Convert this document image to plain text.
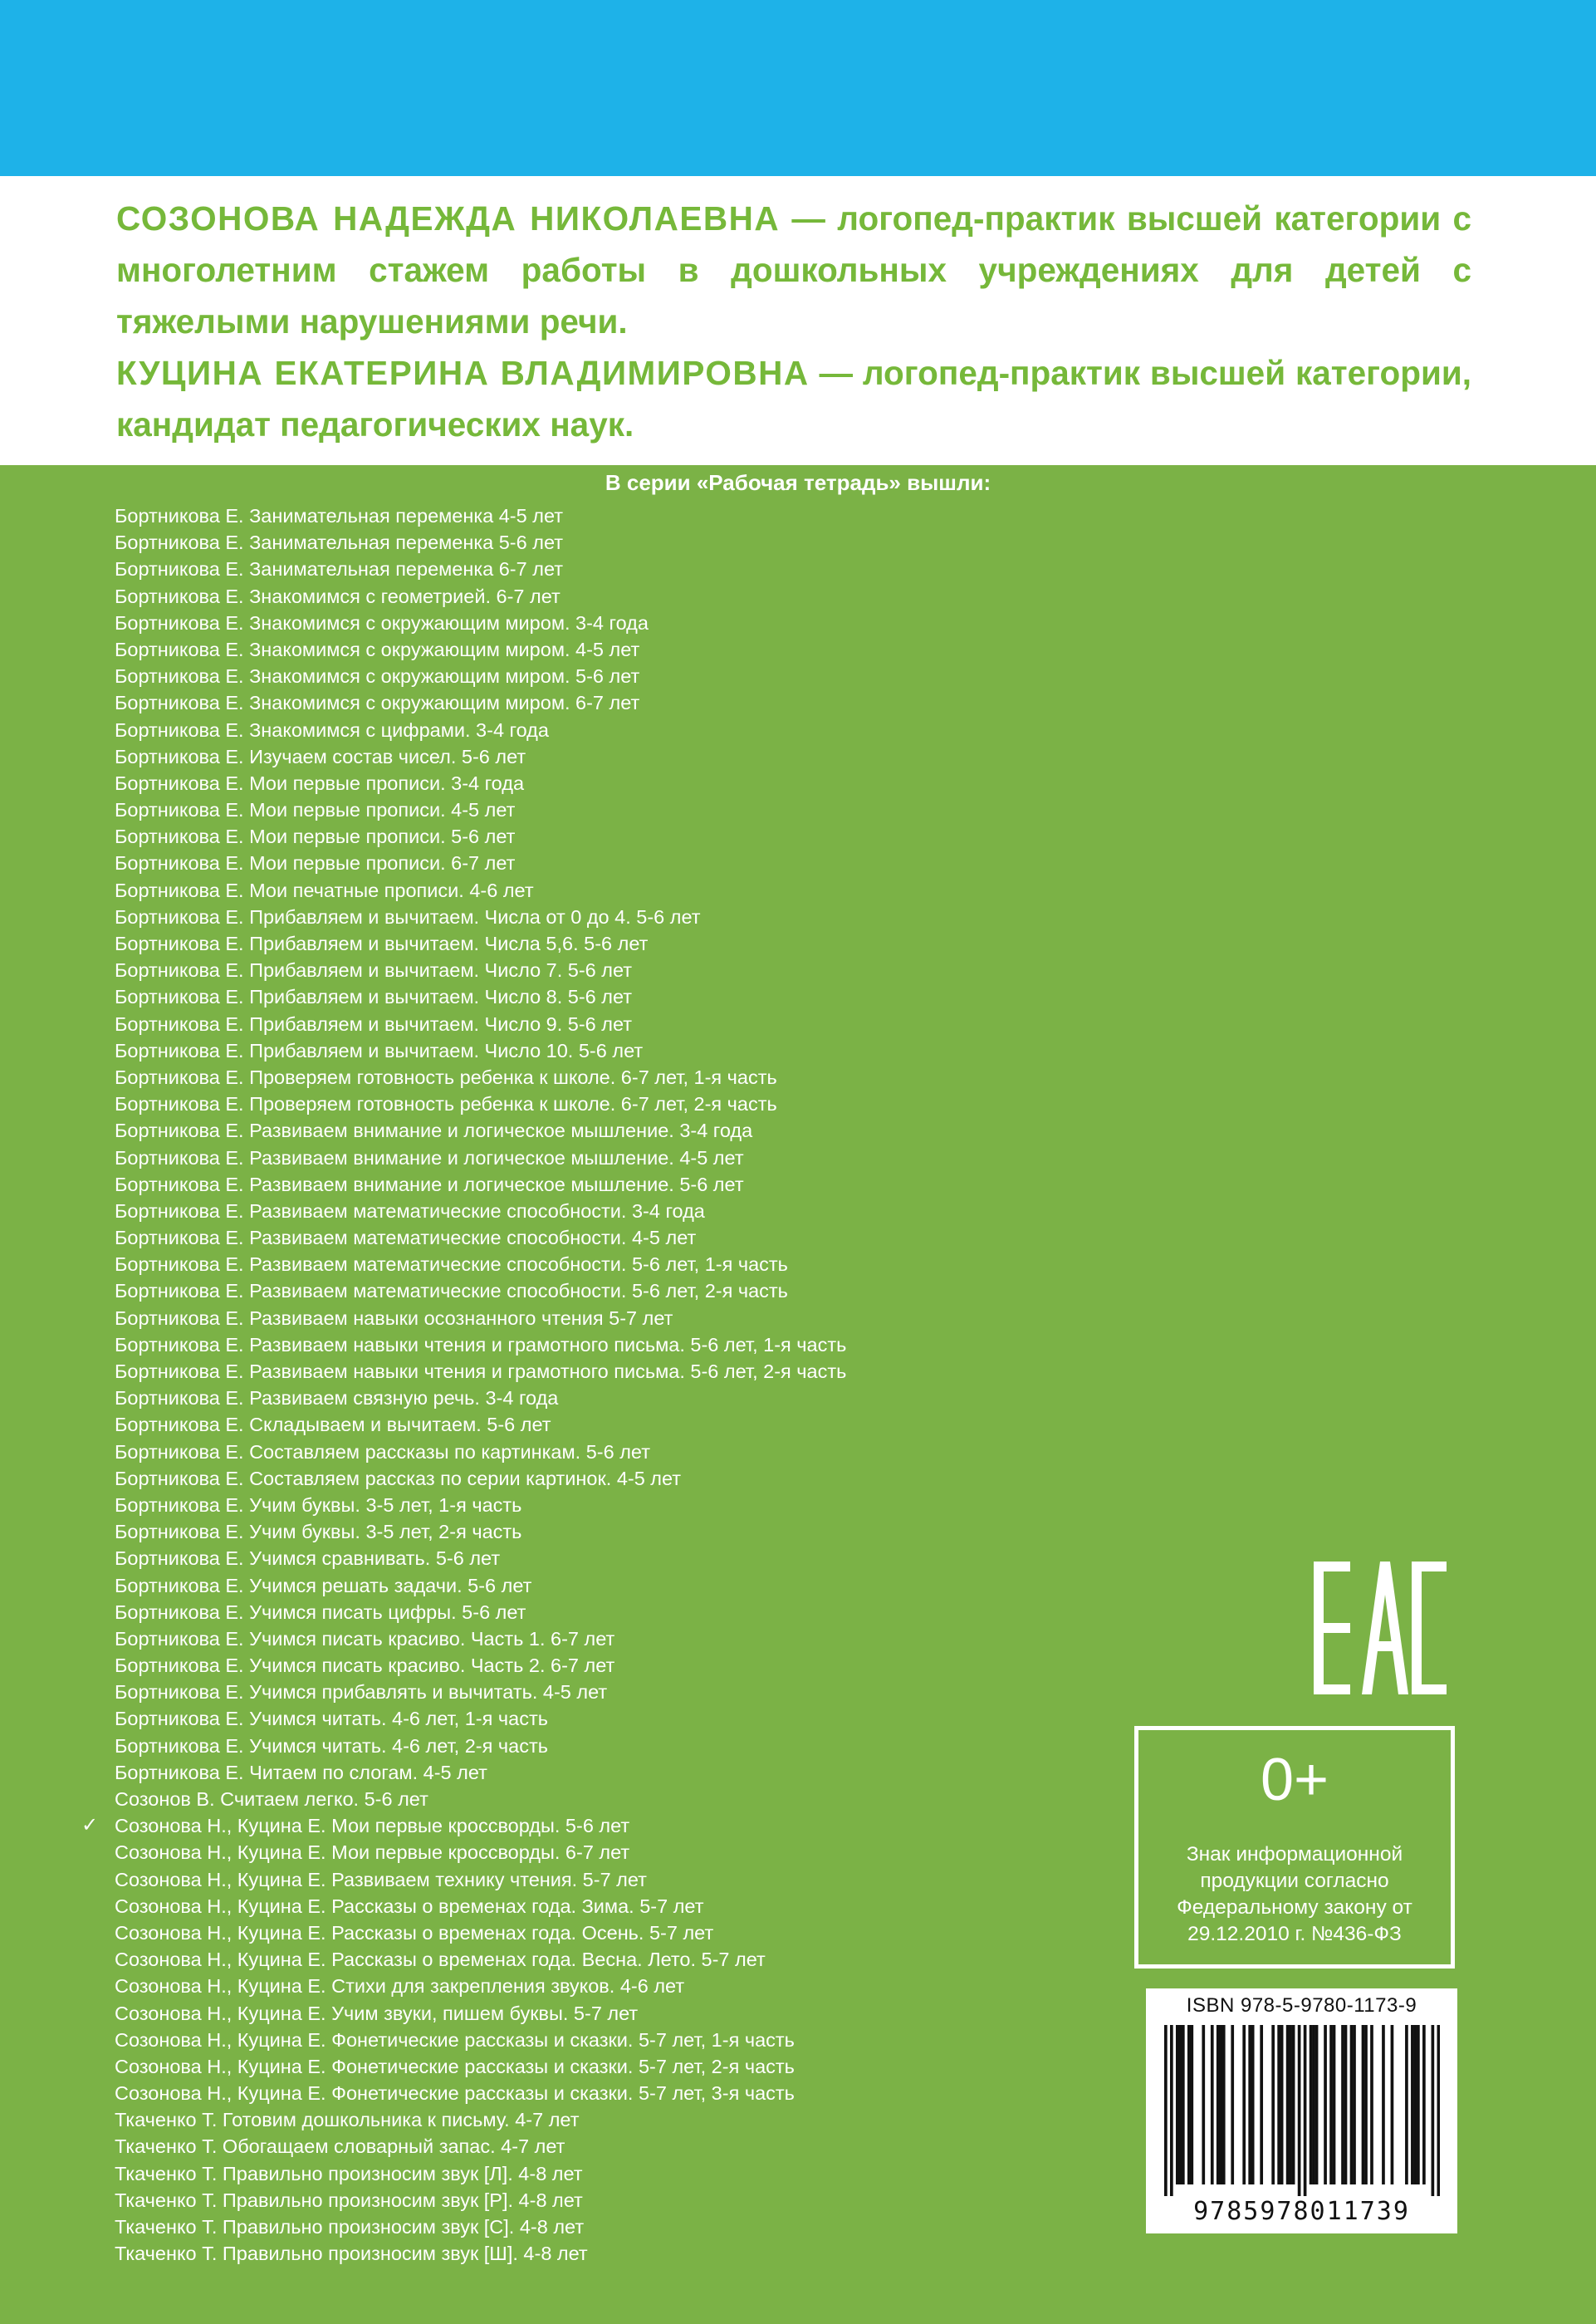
СОЗОНОВА НАДЕЖДА НИКОЛАЕВНА — логопед-практик высшей категории с многолетним стажем работы в дошкольных учреждениях для детей с тяжелыми нарушениями речи.

КУЦИНА ЕКАТЕРИНА ВЛАДИМИРОВНА — логопед-практик высшей категории, кандидат педагогических наук.

В серии «Рабочая тетрадь» вышли:
Бортникова Е. Занимательная переменка 4-5 лет
Бортникова Е. Занимательная переменка 5-6 лет
Бортникова Е. Занимательная переменка 6-7 лет
Бортникова Е. Знакомимся с геометрией. 6-7 лет
Бортникова Е. Знакомимся с окружающим миром. 3-4 года
Бортникова Е. Знакомимся с окружающим миром. 4-5 лет
Бортникова Е. Знакомимся с окружающим миром. 5-6 лет
Бортникова Е. Знакомимся с окружающим миром. 6-7 лет
Бортникова Е. Знакомимся с цифрами. 3-4 года
Бортникова Е. Изучаем состав чисел. 5-6 лет
Бортникова Е. Мои первые прописи. 3-4 года
Бортникова Е. Мои первые прописи. 4-5 лет
Бортникова Е. Мои первые прописи. 5-6 лет
Бортникова Е. Мои первые прописи. 6-7 лет
Бортникова Е. Мои печатные прописи. 4-6 лет
Бортникова Е. Прибавляем и вычитаем. Числа от 0 до 4. 5-6 лет
Бортникова Е. Прибавляем и вычитаем. Числа 5,6. 5-6 лет
Бортникова Е. Прибавляем и вычитаем. Число 7. 5-6 лет
Бортникова Е. Прибавляем и вычитаем. Число 8. 5-6 лет
Бортникова Е. Прибавляем и вычитаем. Число 9. 5-6 лет
Бортникова Е. Прибавляем и вычитаем. Число 10. 5-6 лет
Бортникова Е. Проверяем готовность ребенка к школе. 6-7 лет, 1-я часть
Бортникова Е. Проверяем готовность ребенка к школе. 6-7 лет, 2-я часть
Бортникова Е. Развиваем внимание и логическое мышление. 3-4 года
Бортникова Е. Развиваем внимание и логическое мышление. 4-5 лет
Бортникова Е. Развиваем внимание и логическое мышление. 5-6 лет
Бортникова Е. Развиваем математические способности. 3-4 года
Бортникова Е. Развиваем математические способности. 4-5 лет
Бортникова Е. Развиваем математические способности. 5-6 лет, 1-я часть
Бортникова Е. Развиваем математические способности. 5-6 лет, 2-я часть
Бортникова Е. Развиваем навыки осознанного чтения 5-7 лет
Бортникова Е. Развиваем навыки чтения и грамотного письма. 5-6 лет, 1-я часть
Бортникова Е. Развиваем навыки чтения и грамотного письма. 5-6 лет, 2-я часть
Бортникова Е. Развиваем связную речь. 3-4 года
Бортникова Е. Складываем и вычитаем. 5-6 лет
Бортникова Е. Составляем рассказы по картинкам. 5-6 лет
Бортникова Е. Составляем рассказ по серии картинок. 4-5 лет
Бортникова Е. Учим буквы. 3-5 лет, 1-я часть
Бортникова Е. Учим буквы. 3-5 лет, 2-я часть
Бортникова Е. Учимся сравнивать. 5-6 лет
Бортникова Е. Учимся решать задачи. 5-6 лет
Бортникова Е. Учимся писать цифры. 5-6 лет
Бортникова Е. Учимся писать красиво. Часть 1. 6-7 лет
Бортникова Е. Учимся писать красиво. Часть 2. 6-7 лет
Бортникова Е. Учимся прибавлять и вычитать. 4-5 лет
Бортникова Е. Учимся читать. 4-6 лет, 1-я часть
Бортникова Е. Учимся читать. 4-6 лет, 2-я часть
Бортникова Е. Читаем по слогам. 4-5 лет
Созонов В. Считаем легко. 5-6 лет
✓ Созонова Н., Куцина Е. Мои первые кроссворды. 5-6 лет
Созонова Н., Куцина Е. Мои первые кроссворды. 6-7 лет
Созонова Н., Куцина Е. Развиваем технику чтения. 5-7 лет
Созонова Н., Куцина Е. Рассказы о временах года. Зима. 5-7 лет
Созонова Н., Куцина Е. Рассказы о временах года. Осень. 5-7 лет
Созонова Н., Куцина Е. Рассказы о временах года. Весна. Лето. 5-7 лет
Созонова Н., Куцина Е. Стихи для закрепления звуков. 4-6 лет
Созонова Н., Куцина Е. Учим звуки, пишем буквы. 5-7 лет
Созонова Н., Куцина Е. Фонетические рассказы и сказки. 5-7 лет, 1-я часть
Созонова Н., Куцина Е. Фонетические рассказы и сказки. 5-7 лет, 2-я часть
Созонова Н., Куцина Е. Фонетические рассказы и сказки. 5-7 лет, 3-я часть
Ткаченко Т. Готовим дошкольника к письму. 4-7 лет
Ткаченко Т. Обогащаем словарный запас. 4-7 лет
Ткаченко Т. Правильно произносим звук [Л]. 4-8 лет
Ткаченко Т. Правильно произносим звук [Р]. 4-8 лет
Ткаченко Т. Правильно произносим звук [С]. 4-8 лет
Ткаченко Т. Правильно произносим звук [Ш]. 4-8 лет
0+
Знак информационной продукции согласно Федеральному закону от 29.12.2010 г. №436-ФЗ
ISBN 978-5-9780-1173-9
9785978011739
